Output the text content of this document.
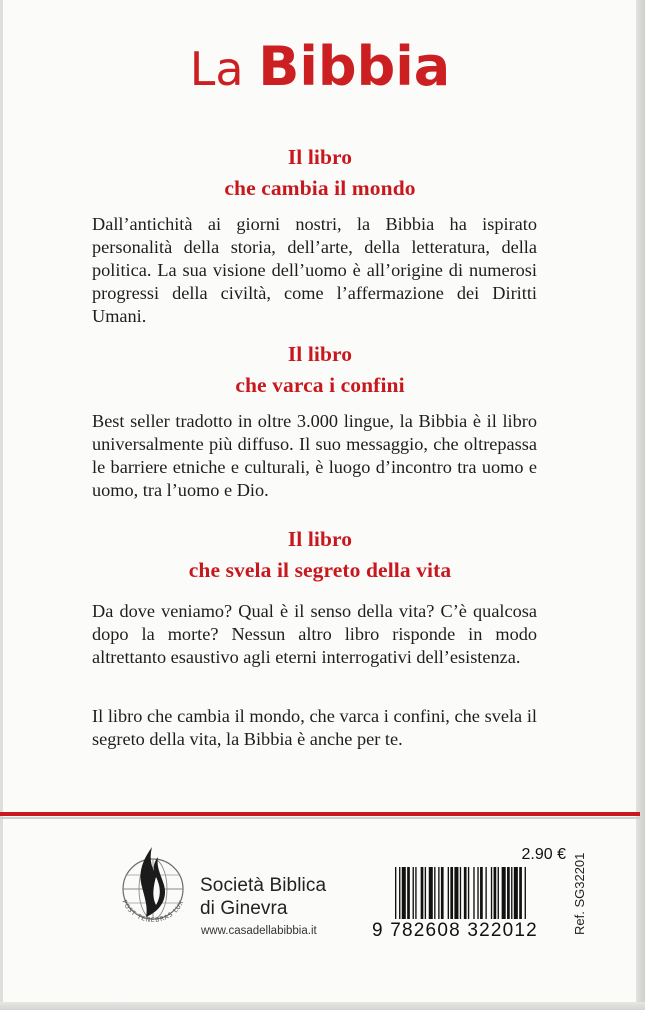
La Bibbia
Il libro
che cambia il mondo

Dall’antichità ai giorni nostri, la Bibbia ha ispirato personalità della storia, dell’arte, della letteratura, della politica. La sua visione dell’uomo è all’origine di numerosi progressi della civiltà, come l’affermazione dei Diritti Umani.

Il libro
che varca i confini

Best seller tradotto in oltre 3.000 lingue, la Bibbia è il libro universalmente più diffuso. Il suo messaggio, che oltrepassa le barriere etniche e culturali, è luogo d’incontro tra uomo e uomo, tra l’uomo e Dio.

Il libro
che svela il segreto della vita

Da dove veniamo? Qual è il senso della vita? C’è qualcosa dopo la morte? Nessun altro libro risponde in modo altrettanto esaustivo agli eterni interrogativi dell’esistenza.

Il libro che cambia il mondo, che varca i confini, che svela il segreto della vita, la Bibbia è anche per te.

POST TENEBRAS LUX
Società Biblica
di Ginevra
www.casadellabibbia.it
2.90 €
9 782608 322012	Ref. SG32201
